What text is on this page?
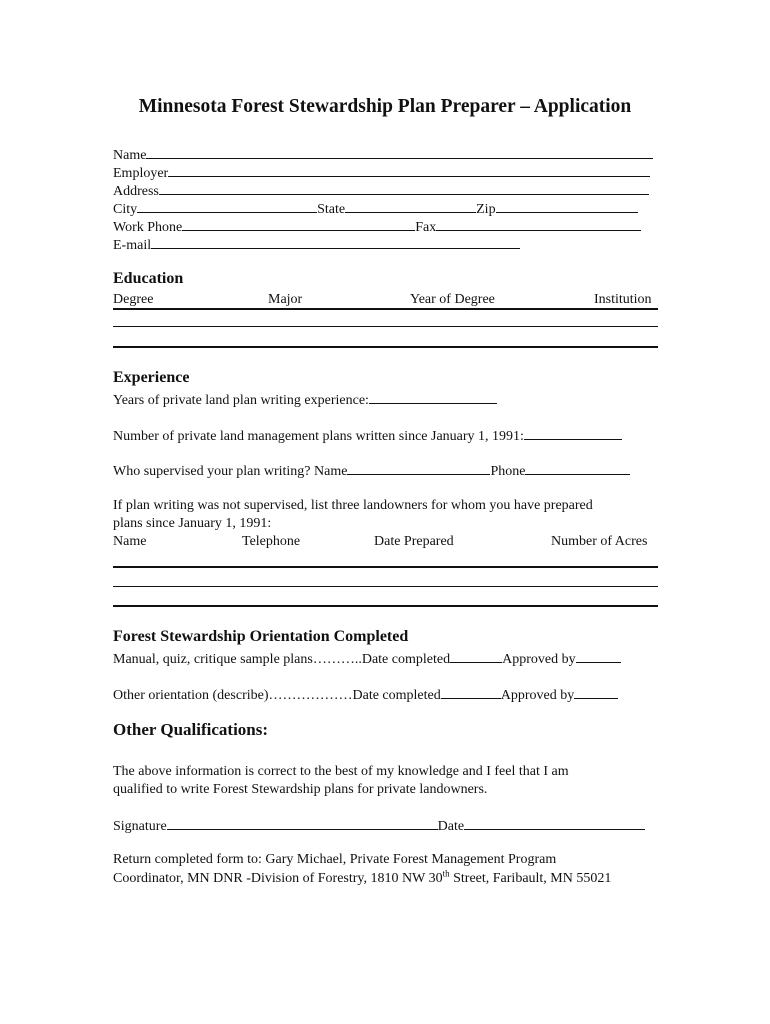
Minnesota Forest Stewardship Plan Preparer – Application
Name
Employer
Address
City	State	Zip
Work Phone	Fax
E-mail
Education
Degree	Major	Year of Degree	Institution
Experience
Years of private land plan writing experience:
Number of private land management plans written since January 1, 1991:
Who supervised your plan writing? Name	Phone
If plan writing was not supervised, list three landowners for whom you have prepared
plans since January 1, 1991:
Name	Telephone	Date Prepared	Number of Acres
Forest Stewardship Orientation Completed
Manual, quiz, critique sample plans………..Date completed	Approved by
Other orientation (describe)………………Date completed	Approved by
Other Qualifications:
The above information is correct to the best of my knowledge and I feel that I am
qualified to write Forest Stewardship plans for private landowners.
Signature	Date
Return completed form to: Gary Michael, Private Forest Management Program
Coordinator, MN DNR -Division of Forestry, 1810 NW 30th Street, Faribault, MN 55021
